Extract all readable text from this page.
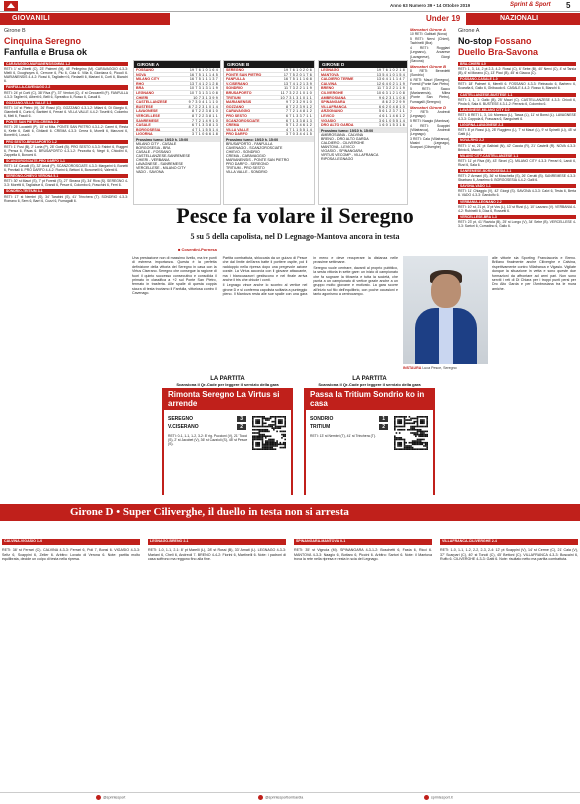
Anno 63 Numero 39 • 14 Ottobre 2019	Sprint & Sport 5
GIOVANILI	Under 19	NAZIONALI
Girone B
Cinquina Seregno
Fanfulla e Brusa ok
CARAVAGGIO-MARIANENSISOMMA 1-2

RETI: 1' st Zibetti (C), 23' Palmeri (M), 45' Pellegrino (M). CARAVAGGIO 4-3-3: Mielli 6, Doughoyes 6, Cerrone 6, Piu 6, Cola 6. Villa 6, Giordana 6, Piccoli 6. MARIANENSIS 4-4-2: Rossi 6, Tagliaferri 6, Redaelli 6, Mariani 6, Corti 6, Bianchi 6.

FANFULLA-CAVENAGO 2-2

RETI: 24' pt Corti (C), 38' Riva (F), 37' Venturi (C), 4' st Ceccarelli (F). FANFULLA 4-3-3: Taglieri 6, Alberti 6, Belli 6, Spreafico 6, Russo 6, Casali 6.

GOZZANO-VILLA VALLE 1-1

RETI: 14' st Pietro (V), 26' Rossi (G). GOZZANO 4-3-1-2: Milani 6, Di Giorgio 6, Giambelli 6, Curto 6, Barbieri 6, Ferrari 6. VILLA VALLE 4-4-2: Tosetti 6, Colombo 6, Meli 6, Fasoli 6.

PONTE SAN PIETRO-CREMA 2-2

RETI: 25' Locatelli (P), 15' st Mita. PONTE SAN PIETRO 4-3-1-2: Careri 6, Resta 6, Kette 6, Gatti 6, Ghilardi 6. CREMA 4-3-3: Cerea 6, Morelli 6, Manzoni 6, Bonetti 6, Losa 6.

PRO SESTO-BRUSAPORTO 1-2

RETI: 1' Fusi (B), 2' Loria (P), 28' Gueli (B). PRO SESTO 4-3-3: Fabbri 6, Ruggeri 6, Pensa 6, Rivas 6. BRUSAPORTO 4-3-1-2: Pezzotta 6, Negri 6, Chiodini 6, Zappella 6, Bonomi 6.

SCANZOROSCIATE-PRO DARFO 1-1

RETI: 14' Cavalli (S), 32' Arioli (P). SCANZOROSCIATE 4-3-3: Margarini 6, Bonetti 6, Previtali 6. PRO DARFO 4-4-2: Fiorini 6, Bettoni 6, Bonomelli 6, Valenti 6.

SEREGNO-CHIEVO VERONA 5-1

RETI: 30' st Mauri (S), 7' pt Foresti (S), 27' Sbrana (S), 34' Riva (S). SEREGNO 4-3-3: Moretti 6, Tagliabue 6, Grandi 6, Pesce 6, Colombo 6, Fraschini 6, Ferri 6.

SONDRIO-TRITIUM 3-1

RETI: 17' st Nembri (S), 34' Tarabini (S), 41' Trinchera (T). SONDRIO 4-3-3: Romano 6, Sem 6, Barri 6, Cozzi 6, Fumagalli 6.

GIRONE A
FOSSANO	19 7 6 1 0 1 6 4
NOVA	16 7 5 1 1 1 4 5
MILANO CITY	16 7 5 1 1 1 3 7
RHO	13 7 4 1 2 1 2 8
BRA	10 7 3 1 3 1 1 9
LEGNANO	10 7 3 1 3 1 0 8
CHIERI	10 7 3 1 3 9 9
CASTELLANZESE	9 7 3 0 4 1 1 1 0
BUSTESE	8 7 2 2 3 1 0 1 4
LAVAGNESE	8 7 2 2 3 8 1 0
VERCELLESE	8 7 2 2 3 8 1 1
SANREMESE	7 7 2 1 4 9 1 0
CASALE	6 7 1 3 3 8 1 3
BORGOSESIA	4 7 1 1 5 5 1 4
LIGORNA	3 7 1 0 6 6 1 8
Prossimo turno: 19/10 h. 15:00
MILANO CITY - CASALE
BORGOSESIA - BRA
CASALE - FOSSANO
CASTELLANZESE-SANREMESE
CHIERI - VERBANIA
LAVAGNESE - SANREMESE
VERCELLESE - MILANO CITY
VADO - SAVONA
GIRONE B
SEREGNO	19 7 6 1 0 2 0 6
PONTE SAN PIETRO	17 7 5 2 0 1 7 6
FANFULLA	16 7 5 1 1 1 6 8
V.CISERANO	13 7 4 1 2 1 3 9
SONDRIO	11 7 3 2 2 1 1 9
BRUSAPORTO	11 7 3 2 2 1 0 1 0
TRITIUM	10 7 3 1 3 1 0 1 1
MARIANENSIS	9 7 2 3 2 9 1 0
GOZZANO	8 7 2 2 3 9 1 2
CARAVAGGIO	7 7 2 1 4 8 1 2
PRO SESTO	6 7 1 3 3 7 1 1
SCANZOROSCIATE	6 7 1 3 3 8 1 3
CREMA	5 7 1 2 4 6 1 2
VILLA VALLE	4 7 1 1 5 5 1 4
PRO DARFO	3 7 0 3 4 4 1 5
Prossimo turno: 19/10 h. 15:00
BRUSAPORTO - FANFULLA
CAVENAGO - SCANZOROSCIATE
CHIEVO - SONDRIO
CREMA - CARAVAGGIO
MARIANENSIS - PONTE SAN PIETRO
PRO DARFO - SEREGNO
TRITIUM - PRO SESTO
VILLA VALLE - SONDRIO
GIRONE D
LEGNAGO	19 7 6 1 0 2 1 8
MANTOVA	13 5 4 1 0 1 5 4
CALDIERO TERME	13 6 4 1 1 1 4 7
CALVINA	12 6 4 0 2 1 1 9
BRENO	11 7 3 2 2 1 1 9
CILIVERGHE	10 6 3 1 2 1 0 8
AMBROSIANA	9 6 2 3 1 1 0 8
SPINANGARA	8 6 2 2 2 9 9
VILLAFRANCA	6 6 2 0 4 8 1 0
ARZIGNANO	5 6 1 2 3 7 1 1
LEVICO	4 6 1 1 4 6 1 2
VIGASIO	3 6 1 0 5 5 1 4
DRO ALTO GARDA	1 6 0 1 5 3 1 6
Prossimo turno: 19/10 h. 15:00
AMBROSIANA - CALVINA
BRENO - DRO ALTO GARDA
CALDIERO - CILIVERGHE
MANTOVA - LEVICO
VIGASIO - SPINANGARA
VIRTUS VECOMP - VILLAFRANCA
RIPOSA LEGNAGO
Marcatori Girone A

10 RETI: Galbiati (Nova)

5 RETI: Nervi (Chieri), Tachinelli (Bra)

4 RETI: Roggiani (Legnano), Arcarese (Lavagnese), Giorgi (Savona)

Marcatori Girone B

8 RETI: Benedetti (Sondrio)

6 RETI: Mauri (Seregno), Foresti (Ponte San Pietro)

5 RETI: Sacco (Marianensis), Milea (Ponte San Pietro), Fumagalli (Seregno)

Marcatori Girone D

7 RETI: Andreoli (Legnago)

5 RETI: Naagio (Mantova)

4 RETI: Scappini (Villafranca), Andreoli (Legnago)

3 RETI: Cala (Villafranca), Masini (Legnago), Scarpari (Ciliverghe)

Girone A
No-stop Fossano
Duello Bra-Savona
BRA-CHIERI 4-0

RETI: 1, 3, 14, 2 pt 2-3, 4-2: Rossi (C), 6' Sebe (B), 40' Nervi (C), 4' st Tarsia (B), 6' st Morano (C), 13' Picci (B), 45' st Giacca (C).

FOSSANO-CASALE 1-0

RETI: 18' Palmeri 6, Merelli 6. FOSSANO 4-3-3: Reinaudo 6, Barbero 6, Scarafia 6, Gallo 6, Ghibaudo 6. CASALE 4-4-2: Rosso 6, Bianchi 6.

CASTELLANZESE-BUSTESE 1-1

RETI: 1, 1, 1: Gallo (B), 25' Mauri (C). CASTELLANZESE 4-3-3: Chiodi 6, Pirola 6, Sala 6. BUSTESE 4-3-1-2: Ferrario 6, Colombo 6.

LAVAGNESE-MILANO CITY 3-0

RETI: 8 RETI 1, 3, 14: Moresco (L), Tasca (L), 11' st Bonsi (L). LAVAGNESE 4-3-3: Coppola 6, Frascara 6, Sanguineti 6.

LIGORNA-LAVAGNESE 2-3

RETI: 8' pt Rossi (Li), 28' Ruggiero (L), 7' st Mauri (L), 9' st Spinelli (Li), 45' st Gatti (L).

NOVA-RHO 2-2

RETI: 1' st, 21' pt Galbiati (N), 42' Caccia (R), 21' Castelli (R). NOVA 4-3-3: Brivio 6, Mauri 6.

MILANO CITY-CASTELLANZESE 1-1

RETI: 11' pt Riva (M), 43' Sironi (C). MILANO CITY 4-3-3: Ferrari 6, Landi 6, Rizzi 6, Sala 6.

SANREMESE-BORGOSESIA 2-1

RETI: 2' Armani (S), 36' st Moschella (S), 26' Cerutti (B). SANREMESE 4-3-3: Sbarbaro 6, Anselmo 6. BORGOSESIA 4-4-2: Galli 6.

SAVONA-VADO 1-1

RETI: 11' Chiaggio (V), 42' Giorgi (S). SAVONA 4-3-3: Calvi 6, Testa 6, Berta 6. VADO 4-3-3: Gandolfo 6.

VERBANIA-LEGNANO 2-2

RETI: 10' st, 21 pt, 3' pt Vos (L), 13' st Rizzi (L), 10' Lazzaro (V). VERBANIA 4-4-2: Rubinelli 6, Diaz 6, Rossetti 6.

VERCELLESE-BRA 1-3

RETI: 23' pt, 41' Raviola (B), 25' st Longo (V), 34' Sebe (B). VERCELLESE 4-3-3: Sartori 6, Corradino 6, Gallo 6.

Pesce fa volare il Seregno
5 su 5 della capolista, nel D Legnago-Mantova ancora in testa
■ Cosentini-Pornesa

Una prestazione non di massimo livello, ma tre punti di estrema importanza. Questa è la perfetta definizione della vittoria del Seregno in casa con la Virtus Ciserano. Seregno che consegue la ragione di fuori il quinto successo consecutivo e consolida il primato in classifica a +2 sul Ponte San Pietro, fermato in trasferta. Alle spalle di questa coppia sicura di testa troviamo il Fanfulla, vittoriosa contro il Cavenago.

Partita combattuta, sbloccata da un guizzo di Pesce che dal limite dell'area batte il portiere ospite, poi il raddoppio nella ripresa dopo una pregevole azione corale. La Virtus accorcia con il giovane attaccante, ma i biancoazzurri gestiscono e nel finale arriva anche il tris che chiude i conti.

Il Legnago vince anche lo scontro al vertice nel girone D e si conferma capolista solitaria a punteggio pieno. Il Mantova resta alle sue spalle con una gara in meno e deve recuperare la distanza nelle prossime settimane.

Seregno vuole centrare, davanti al proprio pubblico, la sesta vittoria in sette gare: un inizio di campionato che fa sognare la tifoseria e tutta la società, che punta a un campionato di vertice grazie anche a un gruppo molto giovane e motivato. La gara scorre all'inizio sul filo dell'equilibrio, con poche occasioni e tanto agonismo a centrocampo.

INSTAURA Luca Pesce, Seregno

alle vittorie sia Sporting Franciacorta e Breno. Brillano finalmente anche Ciliverghe e Calvina, rispettivamente contro Villafranca e Vigasio. Vigilate dunque la situazione in vetta e sono queste due formazioni da affrontare ad armi pari. Non sono serviti i reti di Di Chiara per i troppi punti persi per Dro Alto Garda e per l'Ambrosiana tra le mura amiche.

LA PARTITA
Scansiona il Qr-Code per leggere il servizio della gara
Rimonta Seregno La Virtus si arrende
SEREGNO	3
V.CISERANO	2
RETI: 0-1, 1-1, 1-2, 3-2: 8' rig. Puccioni (V), 21' Tocci (S), 2' st Jacobet (V), 36' st Cazzioli (S), 45' st Pesce (S).
LA PARTITA
Scansiona il Qr-Code per leggere il servizio della gara
Passa la Tritium Sondrio ko in casa
SONDRIO	1
TRITIUM	2
RETI: 13' st Nembri (T), 41' st Trinchera (T).
Girone D • Super Ciliverghe, il duello in testa non si arresta
CALVINA-VIGASIO 1-0	LEGNAGO-BRENO 2-1	SPINANGARA-MANTOVA 0-1	VILLAFRANCA-CILIVERGHE 2-4

RETI: 38' st Ferrari (C). CALVINA 4-3-3: Ferrari 6, Poli 7, Bonsi 6. VIGASIO 4-3-3: Seltz 6, Scappini 6, Zeller 6. Arbitro: Lovato di Verona 6. Note: partita molto equilibrata, decide un colpo di testa nella ripresa.

RETI: 1-0, 1-1, 2-1: 8' pt Marelli (L), 28' st Rossi (B), 33' Amati (L). LEGNAGO 4-3-3: Mariani 6, Cheli 6, Andreoli 7. BRENO 4-4-2: Fiorini 6, Martinelli 6. Note: i padroni di casa soffrono ma reggono fino alla fine.

RETI: 35' st Vignola (M). SPINANGARA 4-3-1-2: Boschetti 6, Fasta 6, Ricci 6. MANTOVA 4-3-3: Naagio 6, Bottaro 6, Piccini 6. Arbitro: Sartori 6. Note: il Mantova trova la rete nella ripresa e resta in scia del Legnago.

RETI: 1-0, 1-1, 1-2, 2-2, 2-3, 2-4: 12' pt Scappini (V), 14' st Cerme (C), 21' Cala (V), 37' Scarpari (C), 40' st Tonoli (C), 45' Bettoni (C). VILLAFRANCA 4-3-3: Boscaini 6, Ruffo 6. CILIVERGHE 4-3-3: Gatti 6. Note: risultato netto ma partita combattuta.

@sprintesport	@sprintesportlombardia	sprintesport.it
